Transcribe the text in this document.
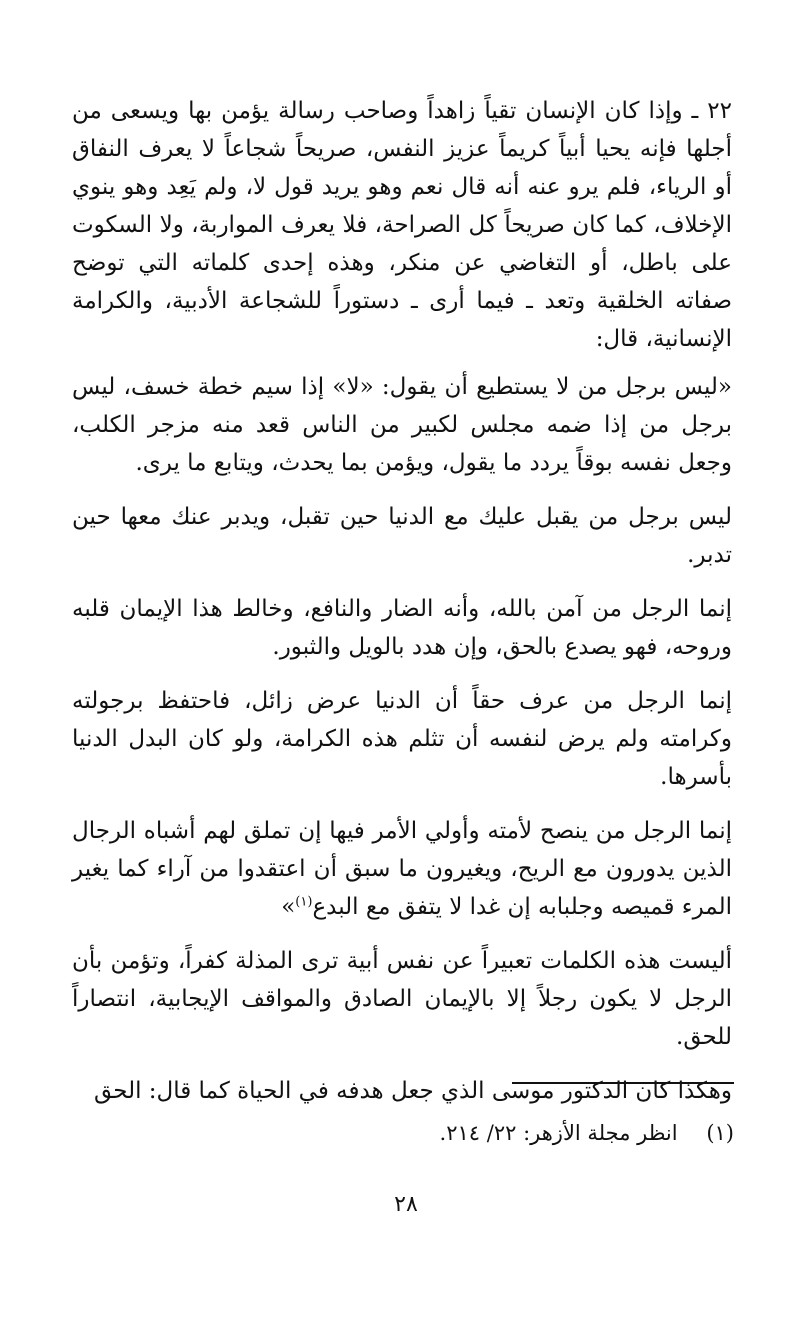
٢٢ ـ وإذا كان الإنسان تقياً زاهداً وصاحب رسالة يؤمن بها ويسعى من أجلها فإنه يحيا أبياً كريماً عزيز النفس، صريحاً شجاعاً لا يعرف النفاق أو الرياء، فلم يرو عنه أنه قال نعم وهو يريد قول لا، ولم يَعِد وهو ينوي الإخلاف، كما كان صريحاً كل الصراحة، فلا يعرف المواربة، ولا السكوت على باطل، أو التغاضي عن منكر، وهذه إحدى كلماته التي توضح صفاته الخلقية وتعد ـ فيما أرى ـ دستوراً للشجاعة الأدبية، والكرامة الإنسانية، قال:

«ليس برجل من لا يستطيع أن يقول: «لا» إذا سيم خطة خسف، ليس برجل من إذا ضمه مجلس لكبير من الناس قعد منه مزجر الكلب، وجعل نفسه بوقاً يردد ما يقول، ويؤمن بما يحدث، ويتابع ما يرى.

ليس برجل من يقبل عليك مع الدنيا حين تقبل، ويدبر عنك معها حين تدبر.

إنما الرجل من آمن بالله، وأنه الضار والنافع، وخالط هذا الإيمان قلبه وروحه، فهو يصدع بالحق، وإن هدد بالويل والثبور.

إنما الرجل من عرف حقاً أن الدنيا عرض زائل، فاحتفظ برجولته وكرامته ولم يرض لنفسه أن تثلم هذه الكرامة، ولو كان البدل الدنيا بأسرها.

إنما الرجل من ينصح لأمته وأولي الأمر فيها إن تملق لهم أشباه الرجال الذين يدورون مع الريح، ويغيرون ما سبق أن اعتقدوا من آراء كما يغير المرء قميصه وجلبابه إن غدا لا يتفق مع البدع$^{(١)}$»

أليست هذه الكلمات تعبيراً عن نفس أبية ترى المذلة كفراً، وتؤمن بأن الرجل لا يكون رجلاً إلا بالإيمان الصادق والمواقف الإيجابية، انتصاراً للحق.

وهكذا كان الدكتور موسى الذي جعل هدفه في الحياة كما قال: الحق

(١) انظر مجلة الأزهر: ٢٢/ ٢١٤.
٢٨
